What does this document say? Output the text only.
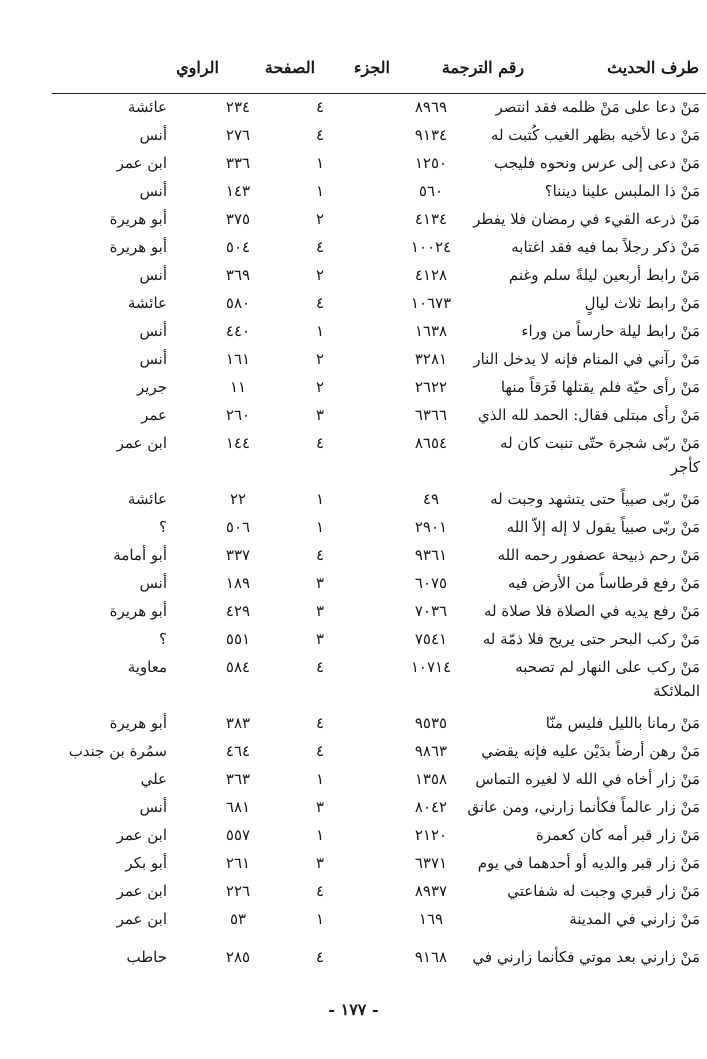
طرف الحديث
رقم الترجمة
الجزء
الصفحة
الراوي
مَنْ دعا على مَنْ ظلمه فقد انتصر
٨٩٦٩
٤
٢٣٤
عائشة
مَنْ دعا لأخيه بظهر الغيب كُتبت له
٩١٣٤
٤
٢٧٦
أنس
مَنْ دعى إلى عرس ونحوه فليجب
١٢٥٠
١
٣٣٦
ابن عمر
مَنْ ذا الملبس علينا ديننا؟
٥٦٠
١
١٤٣
أنس
مَنْ ذرعه القيء في رمضان فلا يفطر
٤١٣٤
٢
٣٧٥
أبو هريرة
مَنْ ذكر رجلاً بما فيه فقد اغتابه
١٠٠٢٤
٤
٥٠٤
أبو هريرة
مَنْ رابط أربعين ليلةً سلم وغنم
٤١٢٨
٢
٣٦٩
أنس
مَنْ رابط ثلاث ليالٍ
١٠٦٧٣
٤
٥٨٠
عائشة
مَنْ رابط ليلة حارساً من وراء
١٦٣٨
١
٤٤٠
أنس
مَنْ رآني في المنام فإنه لا يدخل النار
٣٢٨١
٢
١٦١
أنس
مَنْ رأى حيّة فلم يقتلها فَرَقاً منها
٢٦٢٢
٢
١١
جرير
مَنْ رأى مبتلى فقال: الحمد لله الذي
٦٣٦٦
٣
٢٦٠
عمر
مَنْ ربّى شجرة حتّى تنبت كان له
٨٦٥٤
٤
١٤٤
ابن عمر
كأجر
مَنْ ربّى صبياً حتى يتشهد وجبت له
٤٩
١
٢٢
عائشة
مَنْ ربّى صبياً يقول لا إله إلاّ الله
٢٩٠١
١
٥٠٦
؟
مَنْ رحم ذبيحة عصفور رحمه الله
٩٣٦١
٤
٣٣٧
أبو أمامة
مَنْ رفع قرطاساً من الأرض فيه
٦٠٧٥
٣
١٨٩
أنس
مَنْ رفع يديه في الصلاة فلا صلاة له
٧٠٣٦
٣
٤٢٩
أبو هريرة
مَنْ ركب البحر حتى يريح فلا ذمّة له
٧٥٤١
٣
٥٥١
؟
مَنْ ركب على النهار لم تصحبه
١٠٧١٤
٤
٥٨٤
معاوية
الملائكة
مَنْ رمانا بالليل فليس منّا
٩٥٣٥
٤
٣٨٣
أبو هريرة
مَنْ رهن أرضاً بدَيْن عليه فإنه يقضي
٩٨٦٣
٤
٤٦٤
سمُرة بن جندب
مَنْ زار أخاه في الله لا لغيره التماس
١٣٥٨
١
٣٦٣
علي
مَنْ زار عالماً فكأنما زارني، ومن عانق
٨٠٤٢
٣
٦٨١
أنس
مَنْ زار قبر أمه كان كعمرة
٢١٢٠
١
٥٥٧
ابن عمر
مَنْ زار قبر والديه أو أحدهما في يوم
٦٣٧١
٣
٢٦١
أبو بكر
مَنْ زار قبري وجبت له شفاعتي
٨٩٣٧
٤
٢٢٦
ابن عمر
مَنْ زارني في المدينة
١٦٩
١
٥٣
ابن عمر
مَنْ زارني بعد موتي فكأنما زارني في
٩١٦٨
٤
٢٨٥
حاطب
- ١٧٧ -
